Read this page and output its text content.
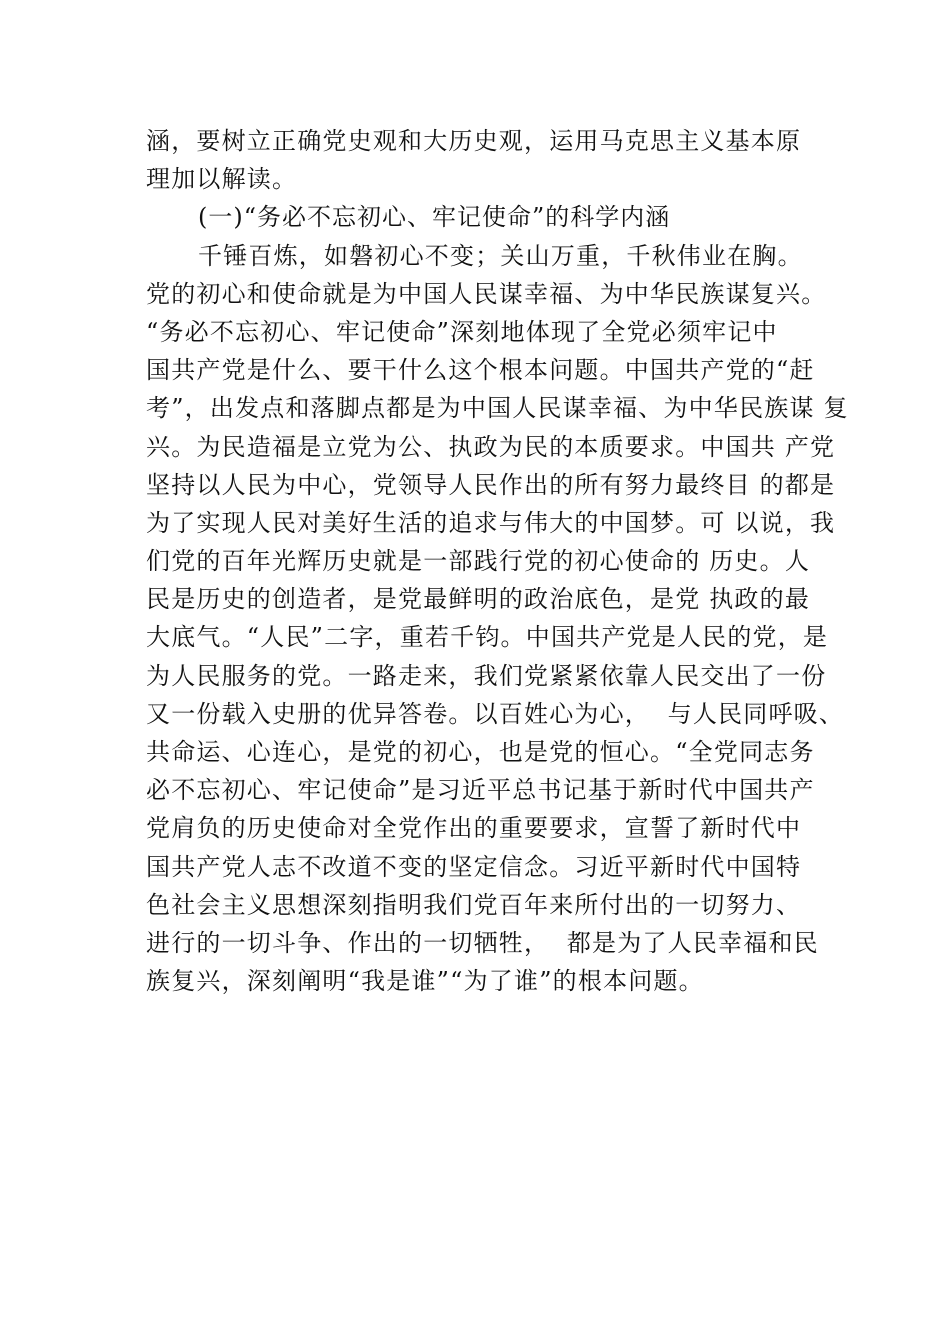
涵，要树立正确党史观和大历史观，运用马克思主义基本原
理加以解读。
(一)“务必不忘初心、牢记使命”的科学内涵
千锤百炼，如磐初心不变；关山万重，千秋伟业在胸。
党的初心和使命就是为中国人民谋幸福、为中华民族谋复兴。
“务必不忘初心、牢记使命”深刻地体现了全党必须牢记中
国共产党是什么、要干什么这个根本问题。中国共产党的“赶
考”，出发点和落脚点都是为中国人民谋幸福、为中华民族谋 复
兴。为民造福是立党为公、执政为民的本质要求。中国共 产党
坚持以人民为中心，党领导人民作出的所有努力最终目 的都是
为了实现人民对美好生活的追求与伟大的中国梦。可 以说，我
们党的百年光辉历史就是一部践行党的初心使命的 历史。人
民是历史的创造者，是党最鲜明的政治底色，是党 执政的最
大底气。“人民”二字，重若千钧。中国共产党是人民的党，是
为人民服务的党。一路走来，我们党紧紧依靠人民交出了一份
又一份载入史册的优异答卷。以百姓心为心，  与人民同呼吸、
共命运、心连心，是党的初心，也是党的恒心。“全党同志务
必不忘初心、牢记使命”是习近平总书记基于新时代中国共产
党肩负的历史使命对全党作出的重要要求，宣誓了新时代中
国共产党人志不改道不变的坚定信念。习近平新时代中国特
色社会主义思想深刻指明我们党百年来所付出的一切努力、
进行的一切斗争、作出的一切牺牲，  都是为了人民幸福和民
族复兴，深刻阐明“我是谁”“为了谁”的根本问题。
